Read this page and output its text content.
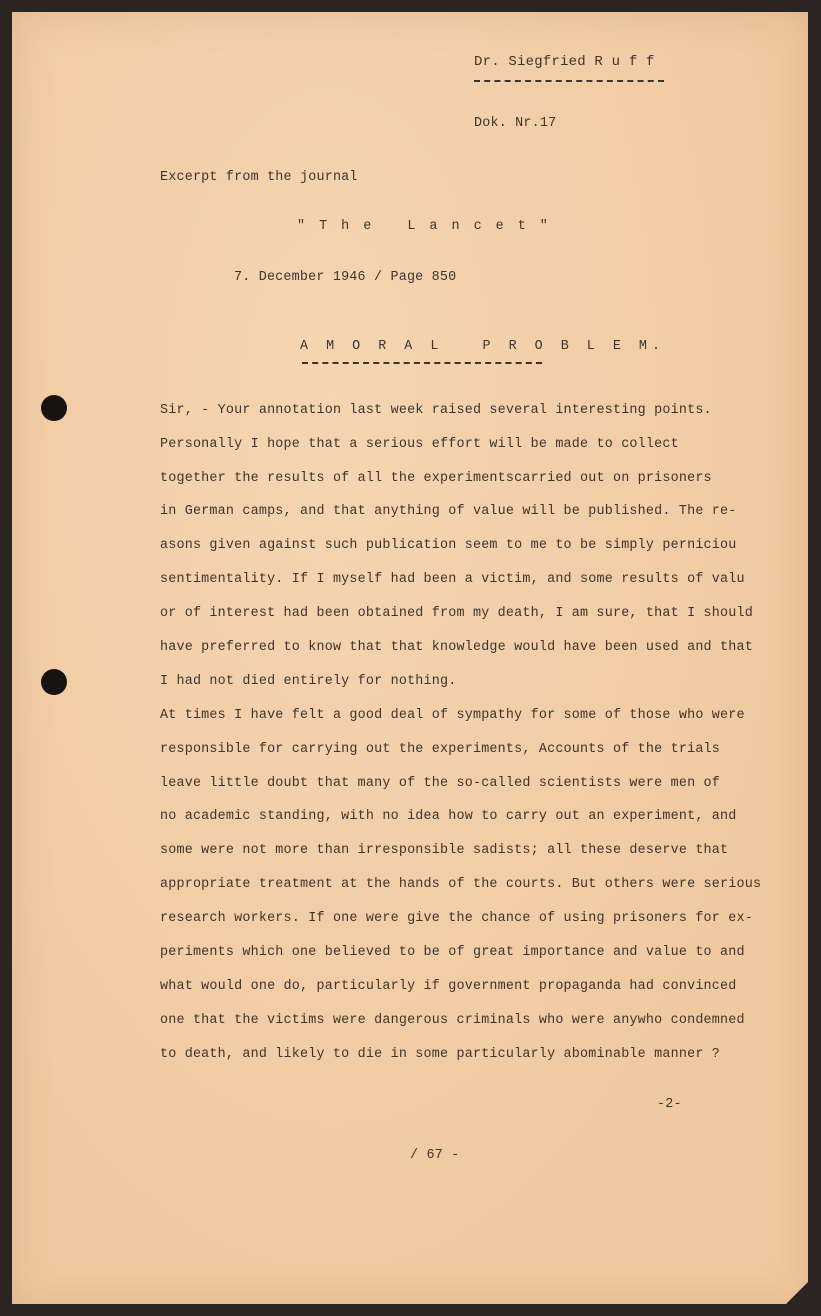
Dr. Siegfried R u f f
Dok. Nr.17
Excerpt from the journal
" T h e   L a n c e t "
7. December 1946 / Page 850
A M O R A L   P R O B L E M.
Sir, - Your annotation last week raised several interesting points.
Personally I hope that a serious effort will be made to collect
together the results of all the experimentscarried out on prisoners
in German camps, and that anything of value will be published. The re-
asons given against such publication seem to me to be simply perniciou
sentimentality. If I myself had been a victim, and some results of valu
or of interest had been obtained from my death, I am sure, that I should
have preferred to know that that knowledge would have been used and that
I had not died entirely for nothing.
At times I have felt a good deal of sympathy for some of those who were
responsible for carrying out the experiments, Accounts of the trials
leave little doubt that many of the so-called scientists were men of
no academic standing, with no idea how to carry out an experiment, and
some were not more than irresponsible sadists; all these deserve that
appropriate treatment at the hands of the courts. But others were serious
research workers. If one were give the chance of using prisoners for ex-
periments which one believed to be of great importance and value to and
what would one do, particularly if government propaganda had convinced
one that the victims were dangerous criminals who were anywho condemned
to death, and likely to die in some particularly abominable manner ?
-2-
/ 67 -
